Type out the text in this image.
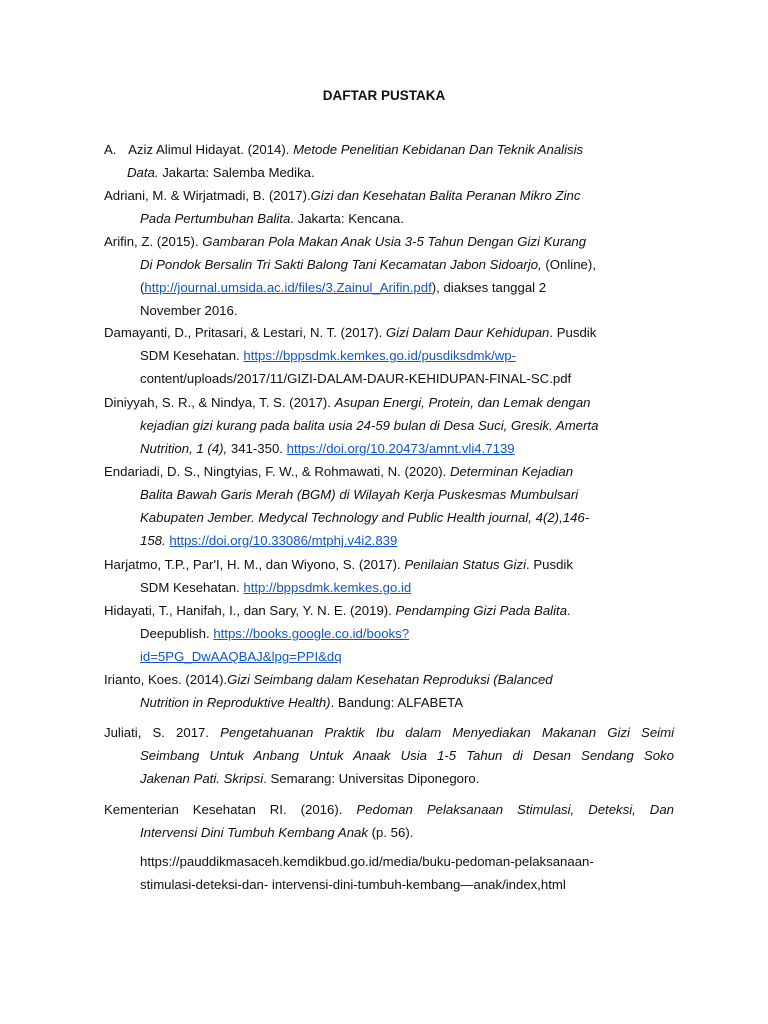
DAFTAR PUSTAKA
A. Aziz Alimul Hidayat. (2014). Metode Penelitian Kebidanan Dan Teknik Analisis
Data. Jakarta: Salemba Medika.
Adriani, M. & Wirjatmadi, B. (2017).Gizi dan Kesehatan Balita Peranan Mikro Zinc
Pada Pertumbuhan Balita. Jakarta: Kencana.
Arifin, Z. (2015). Gambaran Pola Makan Anak Usia 3-5 Tahun Dengan Gizi Kurang
Di Pondok Bersalin Tri Sakti Balong Tani Kecamatan Jabon Sidoarjo, (Online),
(http://journal.umsida.ac.id/files/3.Zainul_Arifin.pdf), diakses tanggal 2
November 2016.
Damayanti, D., Pritasari, & Lestari, N. T. (2017). Gizi Dalam Daur Kehidupan. Pusdik
SDM Kesehatan. https://bppsdmk.kemkes.go.id/pusdiksdmk/wp-
content/uploads/2017/11/GIZI-DALAM-DAUR-KEHIDUPAN-FINAL-SC.pdf
Diniyyah, S. R., & Nindya, T. S. (2017). Asupan Energi, Protein, dan Lemak dengan
kejadian gizi kurang pada balita usia 24-59 bulan di Desa Suci, Gresik. Amerta
Nutrition, 1 (4), 341-350. https://doi.org/10.20473/amnt.vli4.7139
Endariadi, D. S., Ningtyias, F. W., & Rohmawati, N. (2020). Determinan Kejadian
Balita Bawah Garis Merah (BGM) di Wilayah Kerja Puskesmas Mumbulsari
Kabupaten Jember. Medycal Technology and Public Health journal, 4(2),146-
158. https://doi.org/10.33086/mtphj.v4i2.839
Harjatmo, T.P., Par'I, H. M., dan Wiyono, S. (2017). Penilaian Status Gizi. Pusdik
SDM Kesehatan. http://bppsdmk.kemkes.go.id
Hidayati, T., Hanifah, I., dan Sary, Y. N. E. (2019). Pendamping Gizi Pada Balita.
Deepublish. https://books.google.co.id/books?
id=5PG_DwAAQBAJ&lpg=PPI&dq
Irianto, Koes. (2014).Gizi Seimbang dalam Kesehatan Reproduksi (Balanced
Nutrition in Reproduktive Health). Bandung: ALFABETA
Juliati, S. 2017. Pengetahuanan Praktik Ibu dalam Menyediakan Makanan Gizi Seimi
Seimbang Untuk Anbang Untuk Anaak Usia 1-5 Tahun di Desan Sendang Soko
Jakenan Pati. Skripsi. Semarang: Universitas Diponegoro.
Kementerian Kesehatan RI. (2016). Pedoman Pelaksanaan Stimulasi, Deteksi, Dan
Intervensi Dini Tumbuh Kembang Anak (p. 56).
https://pauddikmasaceh.kemdikbud.go.id/media/buku-pedoman-pelaksanaan-
stimulasi-deteksi-dan- intervensi-dini-tumbuh-kembang—anak/index,html
